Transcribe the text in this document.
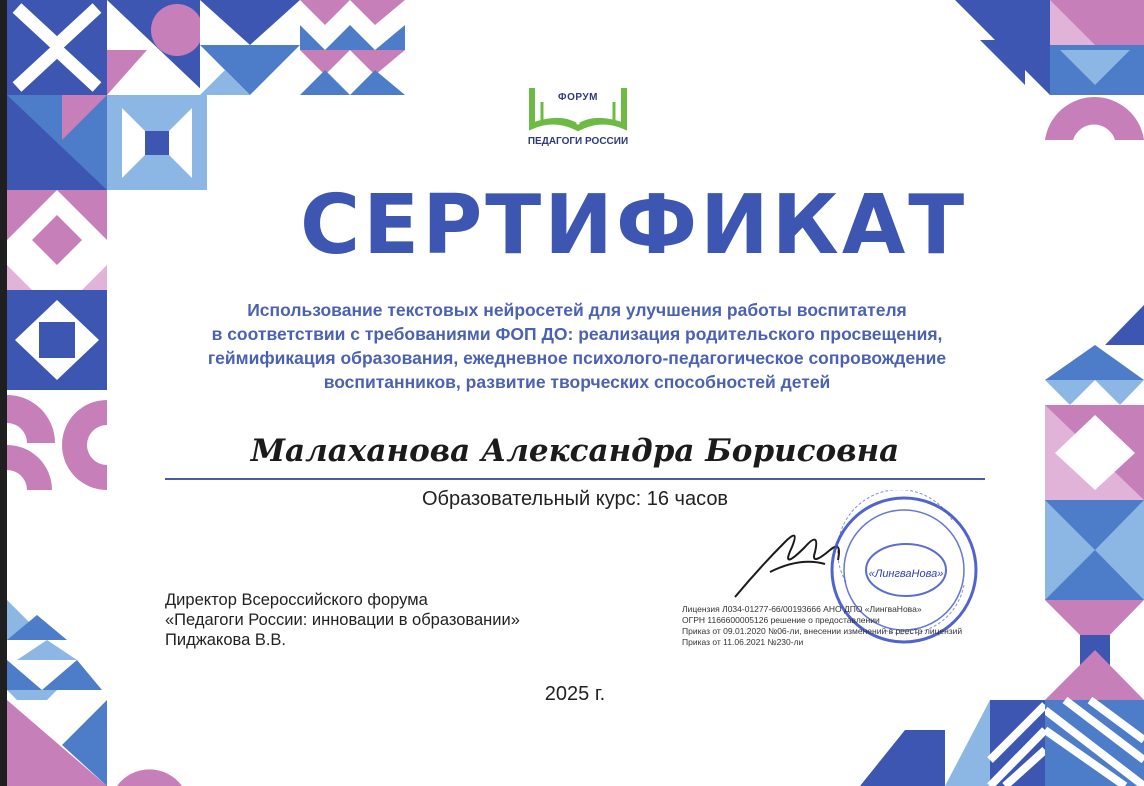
ФОРУМ
ПЕДАГОГИ РОССИИ
СЕРТИФИКАТ
Использование текстовых нейросетей для улучшения работы воспитателя
в соответствии с требованиями ФОП ДО: реализация родительского просвещения,
геймификация образования, ежедневное психолого-педагогическое сопровождение
воспитанников, развитие творческих способностей детей
Малаханова Александра Борисовна
Образовательный курс: 16 часов
Директор Всероссийского форума
«Педагоги России: инновации в образовании»
Пиджакова В.В.
«ЛингваНова»
Лицензия Л034-01277-66/00193666 АНО ДПО «ЛингваНова»
ОГРН 1166600005126 решение о предоставлении
Приказ от 09.01.2020 №06-ли, внесении изменений в реестр лицензий
Приказ от 11.06.2021 №230-ли
2025 г.
